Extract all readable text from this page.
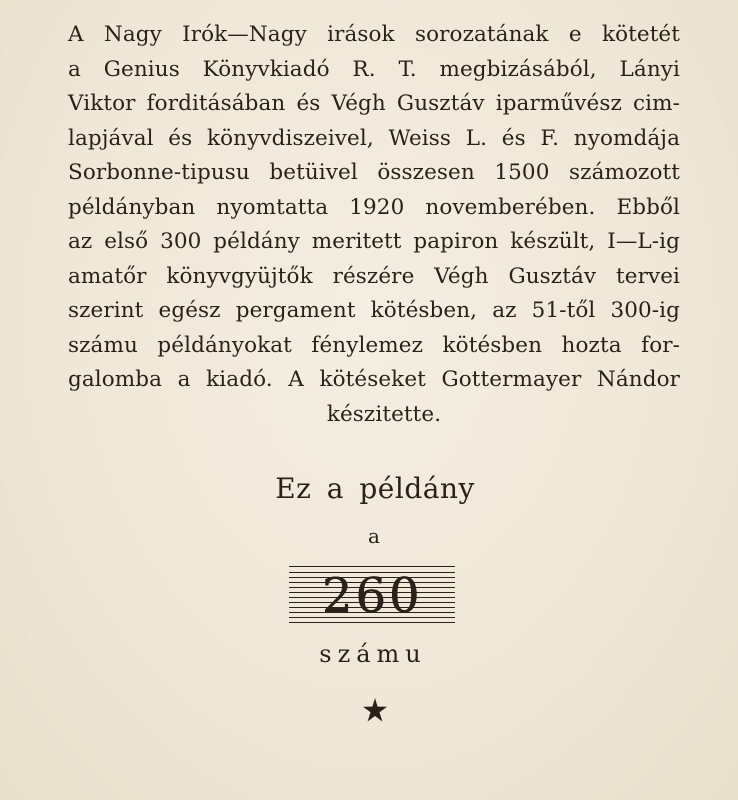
A Nagy Irók—Nagy irások sorozatának e kötetét
a Genius Könyvkiadó R. T. megbizásából, Lányi
Viktor forditásában és Végh Gusztáv iparművész cim-
lapjával és könyvdiszeivel, Weiss L. és F. nyomdája
Sorbonne-tipusu betüivel összesen 1500 számozott
példányban nyomtatta 1920 novemberében. Ebből
az első 300 példány meritett papiron készült, I—L-ig
amatőr könyvgyüjtők részére Végh Gusztáv tervei
szerint egész pergament kötésben, az 51-től 300-ig
számu példányokat fénylemez kötésben hozta for-
galomba a kiadó. A kötéseket Gottermayer Nándor
készitette.
Ez a példány
a
260
számu
